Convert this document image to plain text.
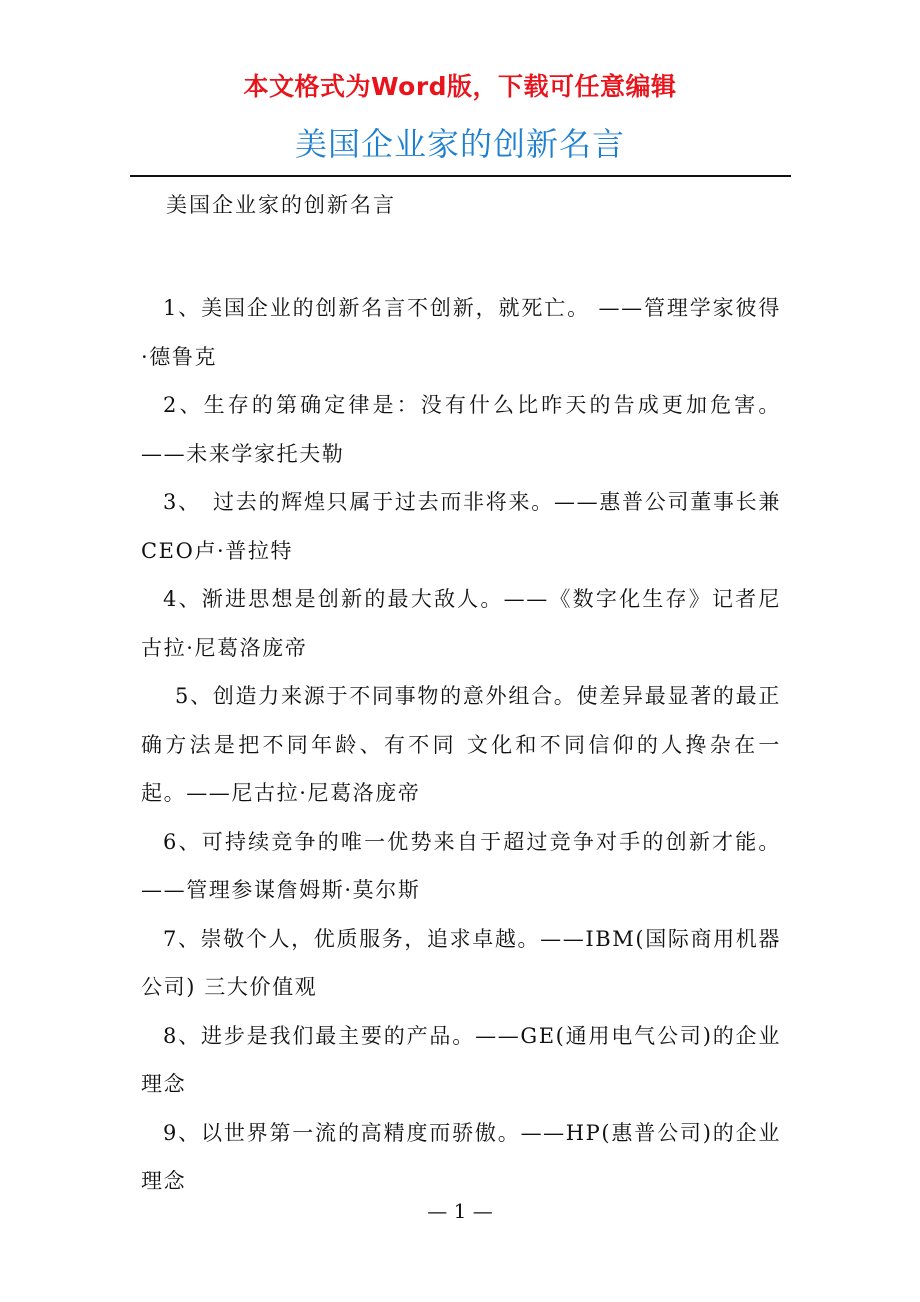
本文格式为Word版，下载可任意编辑
美国企业家的创新名言
美国企业家的创新名言
1、美国企业的创新名言不创新，就死亡。 ——管理学家彼得·德鲁克
2、生存的第确定律是：没有什么比昨天的告成更加危害。——未来学家托夫勒
3、　过去的辉煌只属于过去而非将来。——惠普公司董事长兼CEO卢·普拉特
4、渐进思想是创新的最大敌人。——《数字化生存》记者尼古拉·尼葛洛庞帝
5、创造力来源于不同事物的意外组合。使差异最显著的最正确方法是把不同年龄、有不同 文化和不同信仰的人搀杂在一起。——尼古拉·尼葛洛庞帝
6、可持续竞争的唯一优势来自于超过竞争对手的创新才能。——管理参谋詹姆斯·莫尔斯
7、崇敬个人，优质服务，追求卓越。——IBM(国际商用机器公司) 三大价值观
8、进步是我们最主要的产品。——GE(通用电气公司)的企业理念
9、以世界第一流的高精度而骄傲。——HP(惠普公司)的企业理念
— 1 —
